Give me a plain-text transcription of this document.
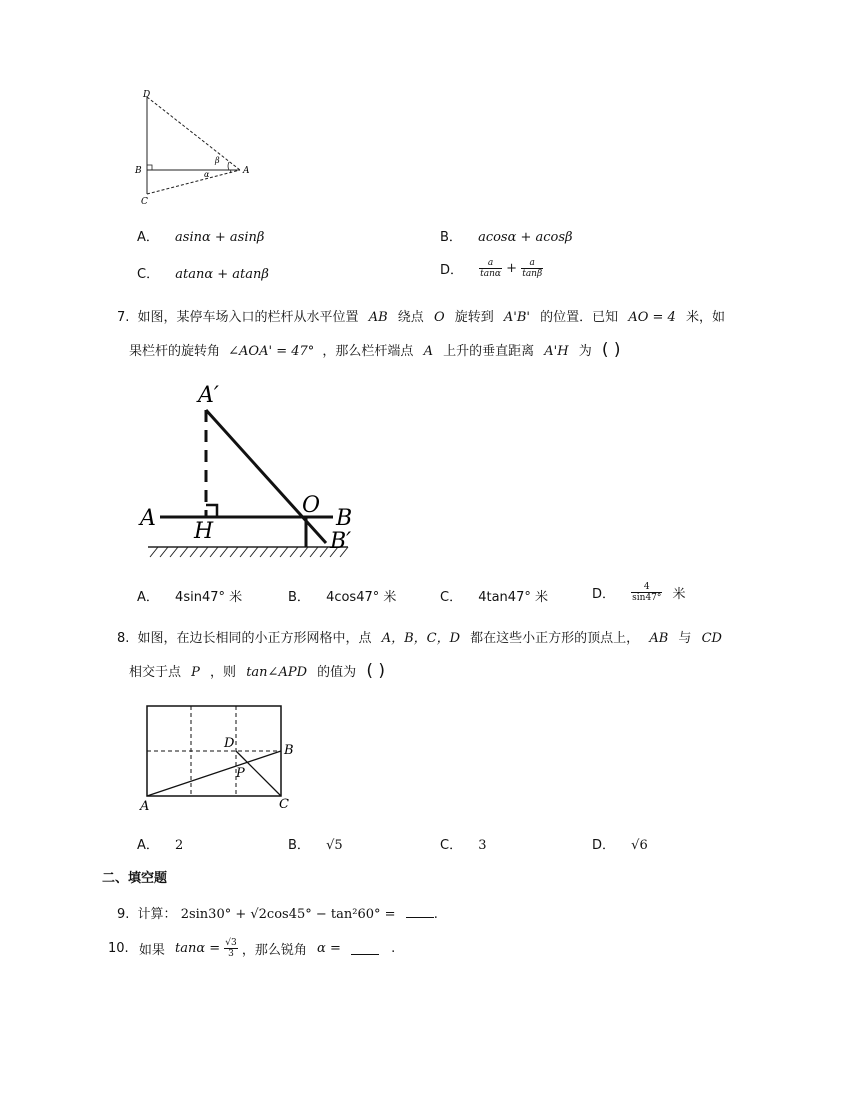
D
B
C
A
β
α
A． asinα + asinβ	B． acosα + acosβ
C． atanα + atanβ	D． $\frac{a}{\tan\alpha} + \frac{a}{\tan\beta}$
7. 如图，某停车场入口的栏杆从水平位置 AB 绕点 O 旋转到 A'B' 的位置．已知 AO = 4 米，如
果栏杆的旋转角 ∠AOA' = 47° ，那么栏杆端点 A 上升的垂直距离 A'H 为 ( )
A′
A
H
O
B
B′
A． 4sin47° 米	B． 4cos47° 米	C． 4tan47° 米	D． $\frac{4}{\sin 47^\circ}$ 米
8. 如图，在边长相同的小正方形网格中，点 A，B，C，D 都在这些小正方形的顶点上， AB 与 CD
相交于点 P ，则 tan∠APD 的值为 ( )
A
B
C
D
P
A． 2	B． √5	C． 3	D． √6
二、填空题
9. 计算： 2sin30° + √2cos45° − tan²60° =	.
10. 如果 $\tan\alpha = \frac{√3}{3}$ ，那么锐角 α =	.
